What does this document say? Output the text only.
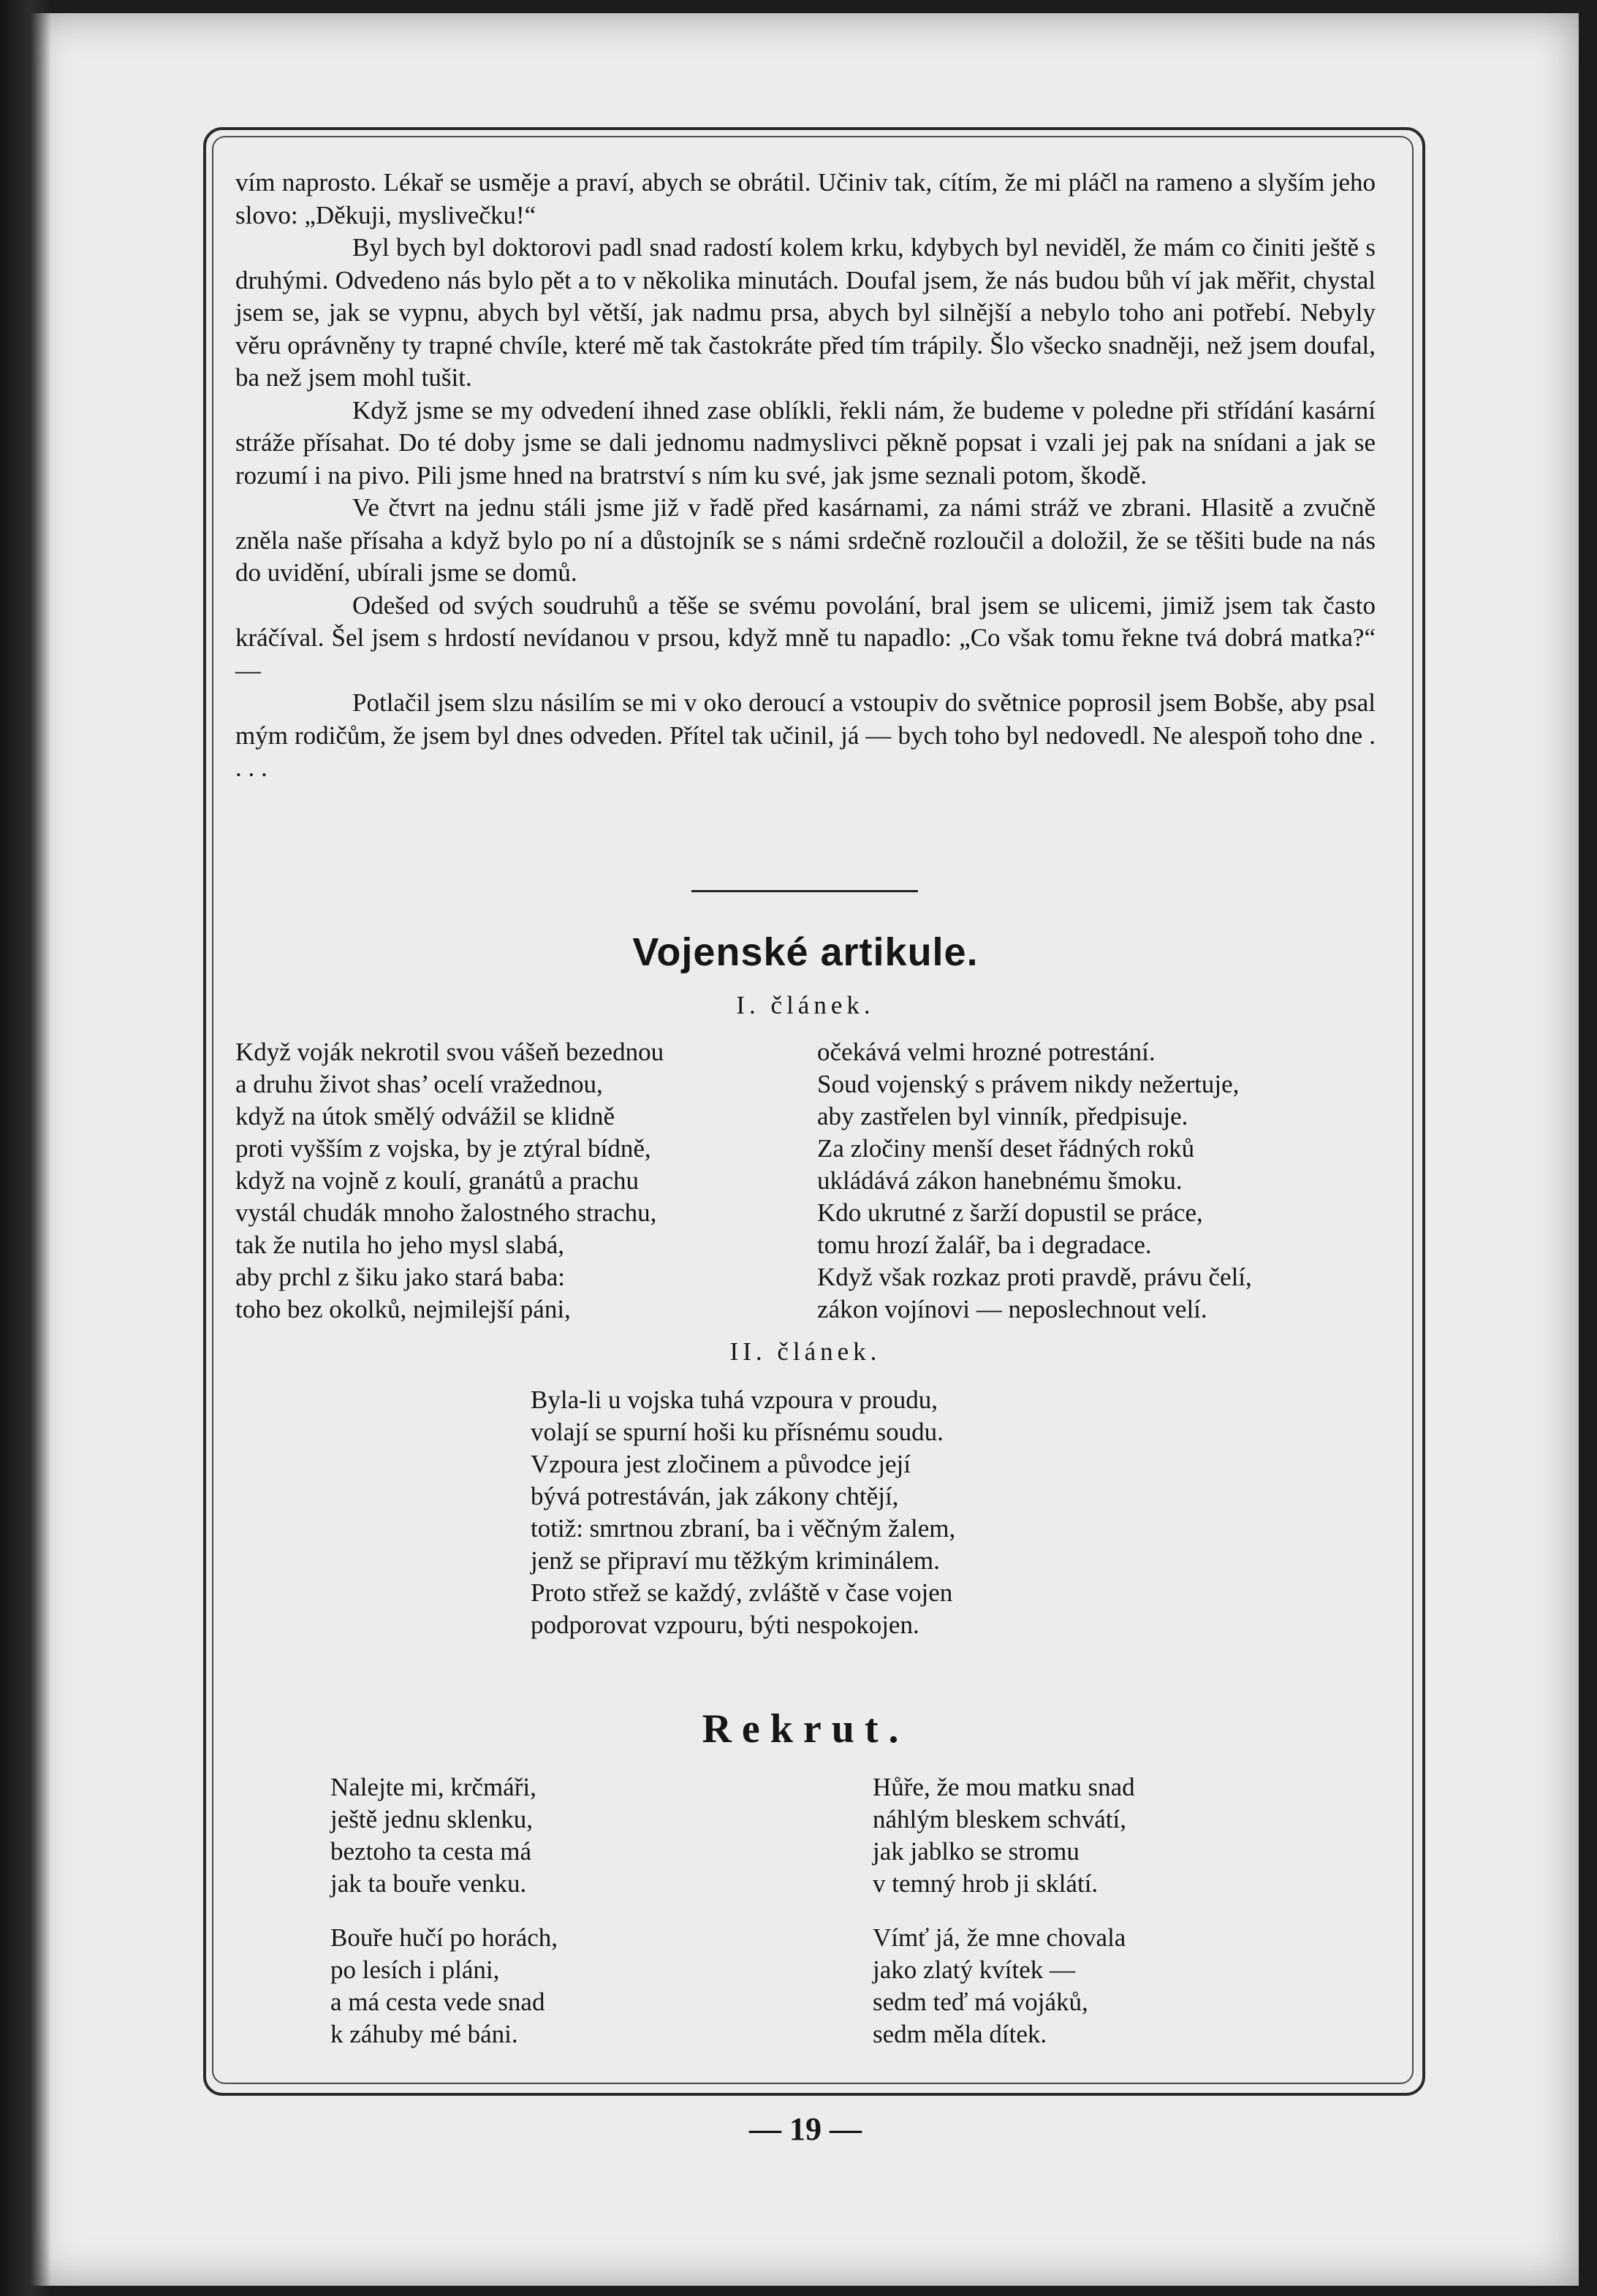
vím naprosto. Lékař se usměje a praví, abych se obrátil. Učiniv tak, cítím, že mi pláčl na rameno a slyším jeho slovo: „Děkuji, myslivečku!“

Byl bych byl doktorovi padl snad radostí kolem krku, kdybych byl neviděl, že mám co činiti ještě s druhými. Odvedeno nás bylo pět a to v několika minutách. Doufal jsem, že nás budou bůh ví jak měřit, chystal jsem se, jak se vypnu, abych byl větší, jak nadmu prsa, abych byl silnější a nebylo toho ani potřebí. Nebyly věru oprávněny ty trapné chvíle, které mě tak častokráte před tím trápily. Šlo všecko snadněji, než jsem doufal, ba než jsem mohl tušit.

Když jsme se my odvedení ihned zase oblíkli, řekli nám, že budeme v poledne při střídání kasární stráže přísahat. Do té doby jsme se dali jednomu nadmyslivci pěkně popsat i vzali jej pak na snídani a jak se rozumí i na pivo. Pili jsme hned na bratrství s ním ku své, jak jsme seznali potom, škodě.

Ve čtvrt na jednu stáli jsme již v řadě před kasárnami, za námi stráž ve zbrani. Hlasitě a zvučně zněla naše přísaha a když bylo po ní a důstojník se s námi srdečně rozloučil a doložil, že se těšiti bude na nás do uvidění, ubírali jsme se domů.

Odešed od svých soudruhů a těše se svému povolání, bral jsem se ulicemi, jimiž jsem tak často kráčíval. Šel jsem s hrdostí nevídanou v prsou, když mně tu napadlo: „Co však tomu řekne tvá dobrá matka?“ —

Potlačil jsem slzu násilím se mi v oko deroucí a vstoupiv do světnice poprosil jsem Bobše, aby psal mým rodičům, že jsem byl dnes odveden. Přítel tak učinil, já — bych toho byl nedovedl. Ne alespoň toho dne . . . .

Vojenské artikule.

I. článek.

Když voják nekrotil svou vášeň bezednou
a druhu život shas’ ocelí vražednou,
když na útok smělý odvážil se klidně
proti vyšším z vojska, by je ztýral bídně,
když na vojně z koulí, granátů a prachu
vystál chudák mnoho žalostného strachu,
tak že nutila ho jeho mysl slabá,
aby prchl z šiku jako stará baba:
toho bez okolků, nejmilejší páni,
očekává velmi hrozné potrestání.
Soud vojenský s právem nikdy nežertuje,
aby zastřelen byl vinník, předpisuje.
Za zločiny menší deset řádných roků
ukládává zákon hanebnému šmoku.
Kdo ukrutné z šarží dopustil se práce,
tomu hrozí žalář, ba i degradace.
Když však rozkaz proti pravdě, právu čelí,
zákon vojínovi — neposlechnout velí.

II. článek.

Byla-li u vojska tuhá vzpoura v proudu,
volají se spurní hoši ku přísnému soudu.
Vzpoura jest zločinem a původce její
bývá potrestáván, jak zákony chtějí,
totiž: smrtnou zbraní, ba i věčným žalem,
jenž se připraví mu těžkým kriminálem.
Proto střež se každý, zvláště v čase vojen
podporovat vzpouru, býti nespokojen.
Rekrut.
Nalejte mi, krčmáři,
ještě jednu sklenku,
beztoho ta cesta má
jak ta bouře venku.
Bouře hučí po horách,
po lesích i pláni,
a má cesta vede snad
k záhuby mé báni.
Hůře, že mou matku snad
náhlým bleskem schvátí,
jak jablko se stromu
v temný hrob ji sklátí.
Vímť já, že mne chovala
jako zlatý kvítek —
sedm teď má vojáků,
sedm měla dítek.

— 19 —
